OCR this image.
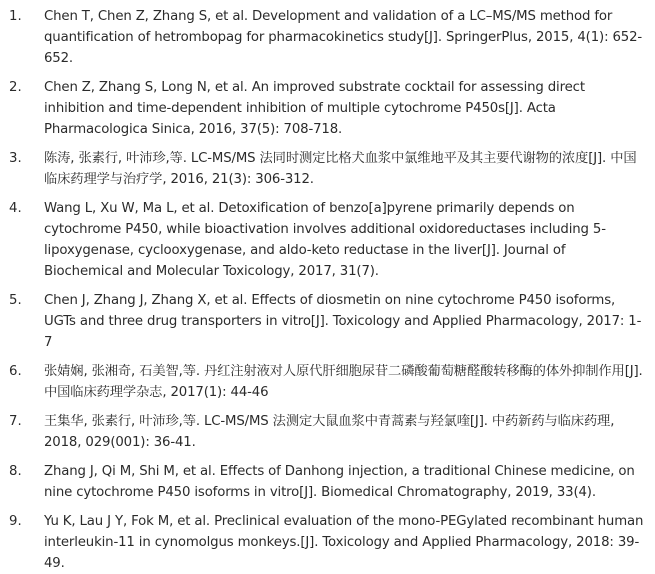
1.	Chen T, Chen Z, Zhang S, et al. Development and validation of a LC–MS/MS method for quantification of hetrombopag for pharmacokinetics study[J]. SpringerPlus, 2015, 4(1): 652-652.
2.	Chen Z, Zhang S, Long N, et al. An improved substrate cocktail for assessing direct inhibition and time-dependent inhibition of multiple cytochrome P450s[J]. Acta Pharmacologica Sinica, 2016, 37(5): 708-718.
3.	陈涛, 张素行, 叶沛珍,等. LC-MS/MS 法同时测定比格犬血浆中氯维地平及其主要代谢物的浓度[J]. 中国临床药理学与治疗学, 2016, 21(3): 306-312.
4.	Wang L, Xu W, Ma L, et al. Detoxification of benzo[a]pyrene primarily depends on cytochrome P450, while bioactivation involves additional oxidoreductases including 5-lipoxygenase, cyclooxygenase, and aldo-keto reductase in the liver[J]. Journal of Biochemical and Molecular Toxicology, 2017, 31(7).
5.	Chen J, Zhang J, Zhang X, et al. Effects of diosmetin on nine cytochrome P450 isoforms, UGTs and three drug transporters in vitro[J]. Toxicology and Applied Pharmacology, 2017: 1-7
6.	张婧娴, 张湘奇, 石美智,等. 丹红注射液对人原代肝细胞尿苷二磷酸葡萄糖醛酸转移酶的体外抑制作用[J]. 中国临床药理学杂志, 2017(1): 44-46
7.	王集华, 张素行, 叶沛珍,等. LC-MS/MS 法测定大鼠血浆中青蒿素与羟氯喹[J]. 中药新药与临床药理, 2018, 029(001): 36-41.
8.	Zhang J, Qi M, Shi M, et al. Effects of Danhong injection, a traditional Chinese medicine, on nine cytochrome P450 isoforms in vitro[J]. Biomedical Chromatography, 2019, 33(4).
9.	Yu K, Lau J Y, Fok M, et al. Preclinical evaluation of the mono-PEGylated recombinant human interleukin-11 in cynomolgus monkeys.[J]. Toxicology and Applied Pharmacology, 2018: 39-49.
